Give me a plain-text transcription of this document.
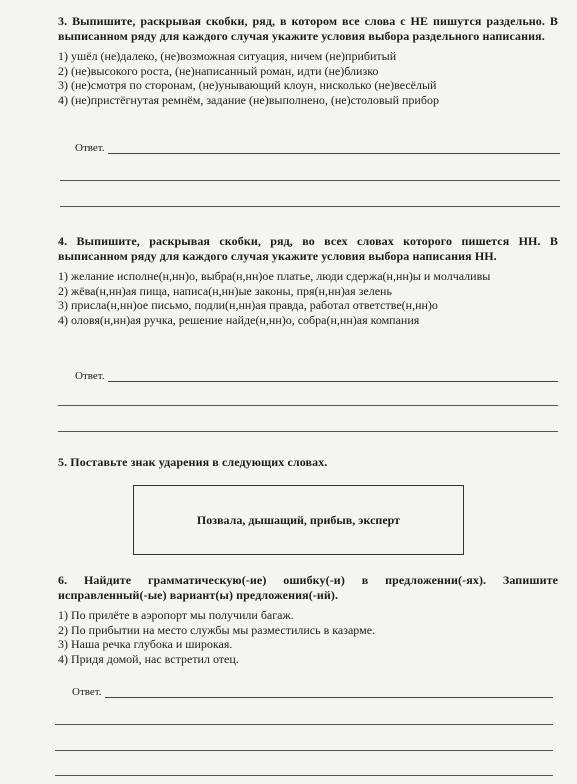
3. Выпишите, раскрывая скобки, ряд, в котором все слова с НЕ пишутся раздельно. В выписанном ряду для каждого случая укажите условия выбора раздельного написания.

1) ушёл (не)далеко, (не)возможная ситуация, ничем (не)прибитый

2) (не)высокого роста, (не)написанный роман, идти (не)близко

3) (не)смотря по сторонам, (не)унывающий клоун, нисколько (не)весёлый

4) (не)пристёгнутая ремнём, задание (не)выполнено, (не)столовый прибор

Ответ.

4. Выпишите, раскрывая скобки, ряд, во всех словах которого пишется НН. В выписанном ряду для каждого случая укажите условия выбора написания НН.

1) желание исполне(н,нн)о, выбра(н,нн)ое платье, люди сдержа(н,нн)ы и молчаливы

2) жёва(н,нн)ая пища, написа(н,нн)ые законы, пря(н,нн)ая зелень

3) присла(н,нн)ое письмо, подли(н,нн)ая правда, работал ответстве(н,нн)о

4) оловя(н,нн)ая ручка, решение найде(н,нн)о, собра(н,нн)ая компания

Ответ.

5. Поставьте знак ударения в следующих словах.

Позвала, дышащий, прибыв, эксперт

6. Найдите грамматическую(-ие) ошибку(-и) в предложении(-ях). Запишите исправленный(-ые) вариант(ы) предложения(-ий).

1) По прилёте в аэропорт мы получили багаж.

2) По прибытии на место службы мы разместились в казарме.

3) Наша речка глубока и широкая.

4) Придя домой, нас встретил отец.

Ответ.
